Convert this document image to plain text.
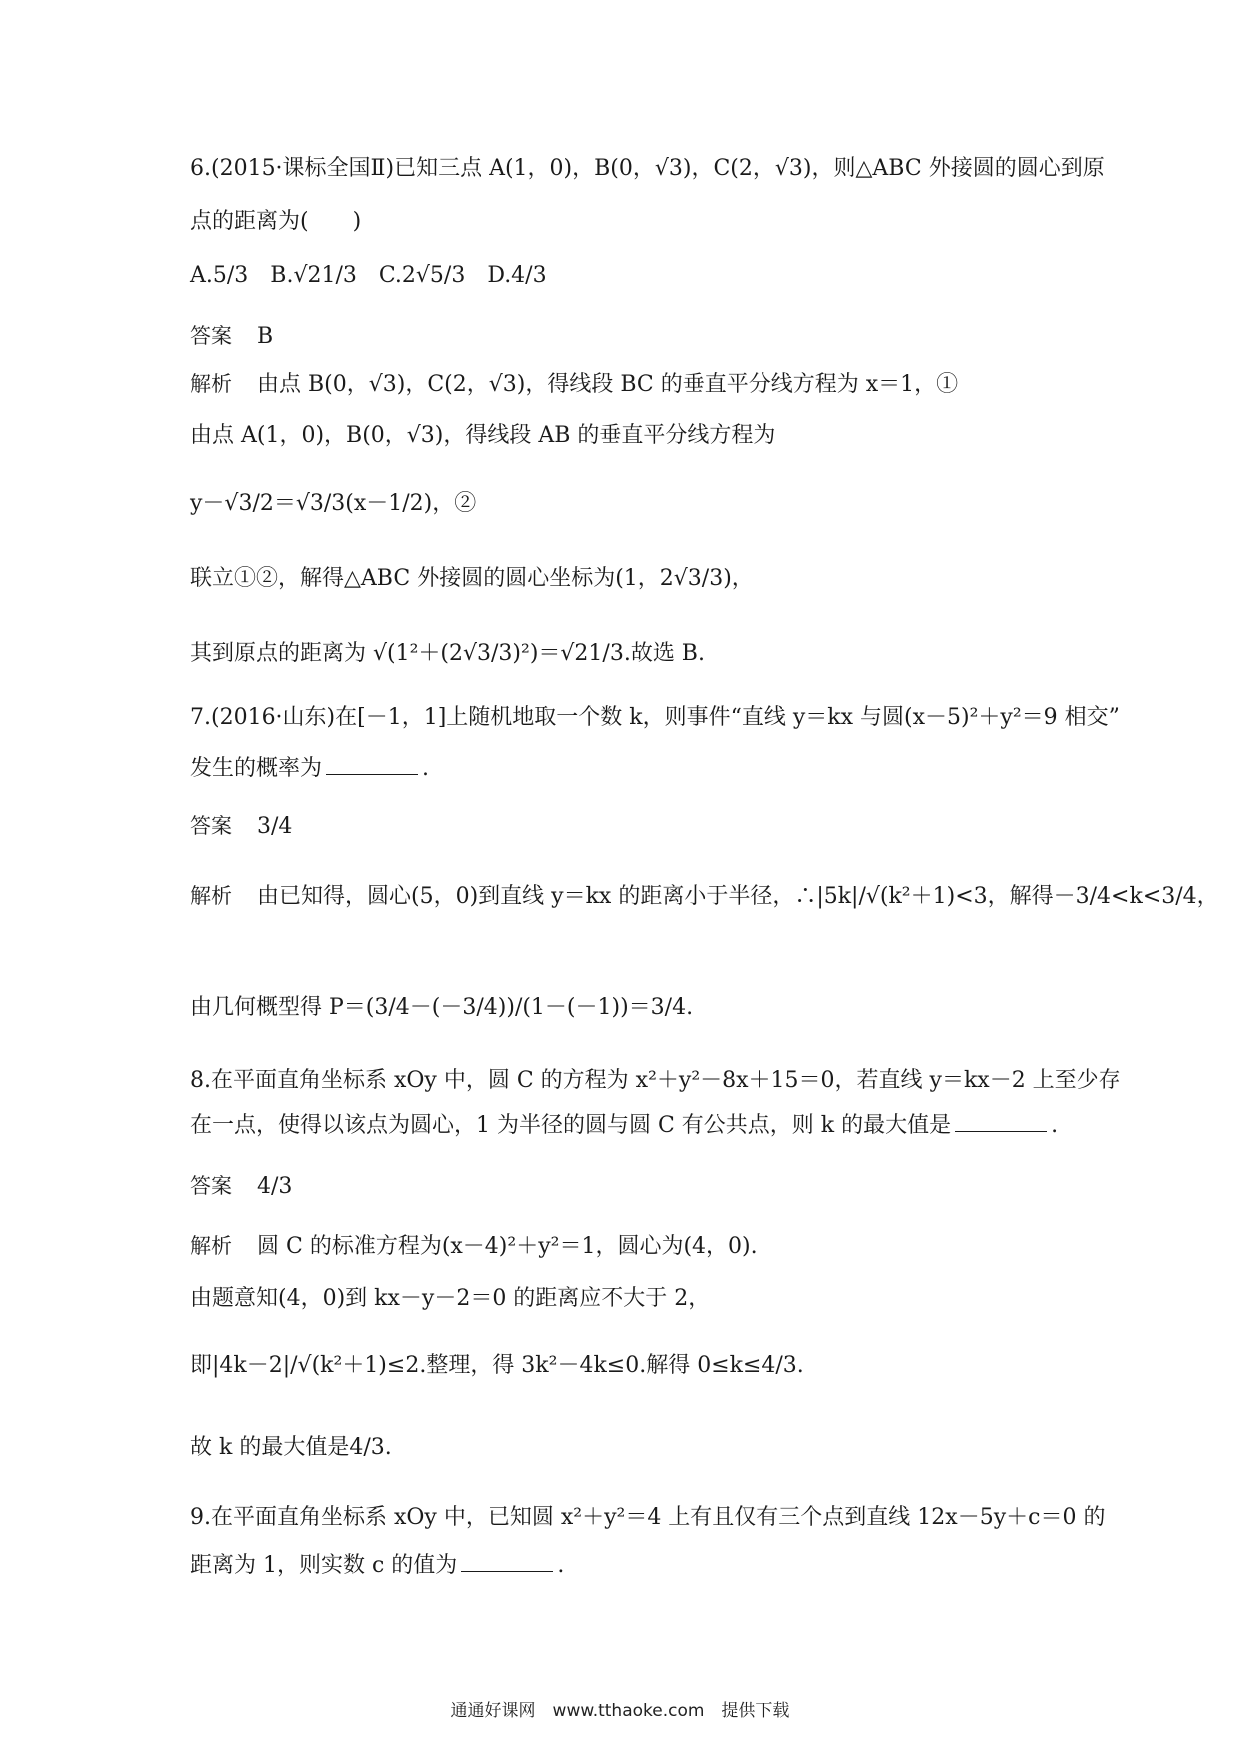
6.(2015·课标全国Ⅱ)已知三点 A(1，0)，B(0，√3)，C(2，√3)，则△ABC 外接圆的圆心到原
点的距离为(　　)
A.5/3　B.√21/3　C.2√5/3　D.4/3
答案 B
解析 由点 B(0，√3)，C(2，√3)，得线段 BC 的垂直平分线方程为 x＝1，①
由点 A(1，0)，B(0，√3)，得线段 AB 的垂直平分线方程为
y－√3/2＝√3/3(x－1/2)，②
联立①②，解得△ABC 外接圆的圆心坐标为(1，2√3/3)，
其到原点的距离为 √(1²＋(2√3/3)²)＝√21/3.故选 B.
7.(2016·山东)在[－1，1]上随机地取一个数 k，则事件“直线 y＝kx 与圆(x－5)²＋y²＝9 相交”
发生的概率为	.
答案 3/4
解析 由已知得，圆心(5，0)到直线 y＝kx 的距离小于半径，∴|5k|/√(k²＋1)<3，解得－3/4<k<3/4，
由几何概型得 P＝(3/4－(－3/4))/(1－(－1))＝3/4.
8.在平面直角坐标系 xOy 中，圆 C 的方程为 x²＋y²－8x＋15＝0，若直线 y＝kx－2 上至少存
在一点，使得以该点为圆心，1 为半径的圆与圆 C 有公共点，则 k 的最大值是	.
答案 4/3
解析 圆 C 的标准方程为(x－4)²＋y²＝1，圆心为(4，0).
由题意知(4，0)到 kx－y－2＝0 的距离应不大于 2，
即|4k－2|/√(k²＋1)≤2.整理，得 3k²－4k≤0.解得 0≤k≤4/3.
故 k 的最大值是4/3.
9.在平面直角坐标系 xOy 中，已知圆 x²＋y²＝4 上有且仅有三个点到直线 12x－5y＋c＝0 的
距离为 1，则实数 c 的值为	.
通通好课网　www.tthaoke.com　提供下载
